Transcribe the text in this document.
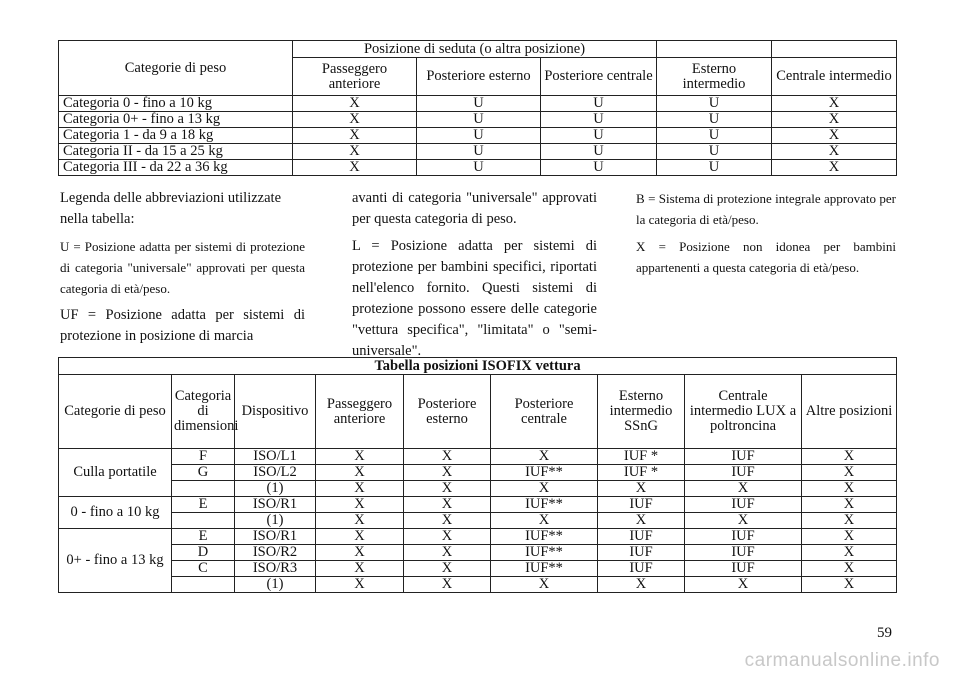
Categorie di peso	Posizione di seduta (o altra posizione)				
	Passeggero anteriore	Posteriore esterno	Posteriore centrale	Esterno intermedio	Centrale intermedio
Categoria 0 - fino a 10 kg	X	U	U	U	X
Categoria 0+ - fino a 13 kg	X	U	U	U	X
Categoria 1 - da 9 a 18 kg	X	U	U	U	X
Categoria II - da 15 a 25 kg	X	U	U	U	X
Categoria III - da 22 a 36 kg	X	U	U	U	X

Legenda delle abbreviazioni utilizzate nella tabella:

U = Posizione adatta per sistemi di protezione di categoria "universale" approvati per questa categoria di età/peso.

UF = Posizione adatta per sistemi di protezione in posizione di marcia

avanti di categoria "universale" approvati per questa categoria di peso.

L = Posizione adatta per sistemi di protezione per bambini specifici, riportati nell'elenco fornito. Questi sistemi di protezione possono essere delle categorie "vettura specifica", "limitata" o "semi-universale".

B = Sistema di protezione integrale approvato per la categoria di età/peso.

X = Posizione non idonea per bambini appartenenti a questa categoria di età/peso.

Tabella posizioni ISOFIX vettura								
Categorie di peso	Categoria di dimensioni	Dispositivo	Passeggero anteriore	Posteriore esterno	Posteriore centrale	Esterno intermedio SSnG	Centrale intermedio LUX a poltroncina	Altre posizioni
Culla portatile	F	ISO/L1	X	X	X	IUF *	IUF	X
	G	ISO/L2	X	X	IUF**	IUF *	IUF	X
		(1)	X	X	X	X	X	X
0 - fino a 10 kg	E	ISO/R1	X	X	IUF**	IUF	IUF	X
		(1)	X	X	X	X	X	X
0+ - fino a 13 kg	E	ISO/R1	X	X	IUF**	IUF	IUF	X
	D	ISO/R2	X	X	IUF**	IUF	IUF	X
	C	ISO/R3	X	X	IUF**	IUF	IUF	X
		(1)	X	X	X	X	X	X
59
carmanualsonline.info
